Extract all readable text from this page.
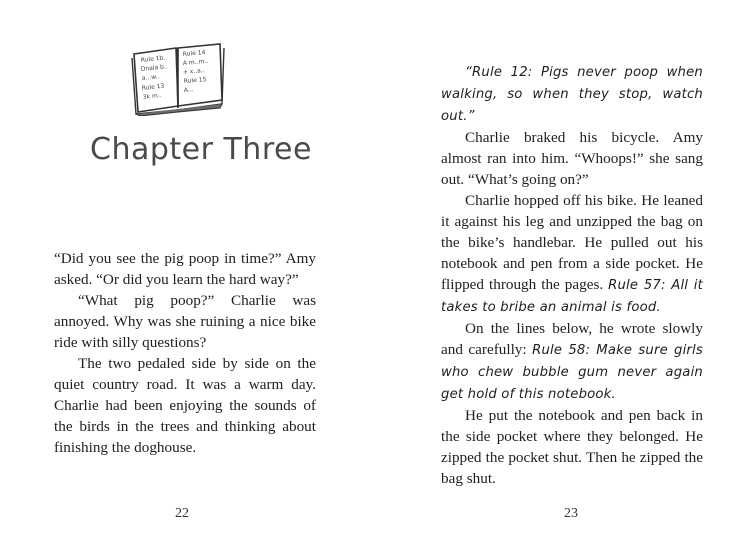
Rule 1b..
Dnala b..
a...w..
Rule 13
3k m..
Rule 14
A m..m..
+ x..a..
Rule 15
A...
Chapter Three

“Did you see the pig poop in time?” Amy asked. “Or did you learn the hard way?”

“What pig poop?” Charlie was annoyed. Why was she ruining a nice bike ride with silly questions?

The two pedaled side by side on the quiet country road. It was a warm day. Charlie had been enjoying the sounds of the birds in the trees and thinking about finishing the doghouse.

22

“Rule 12: Pigs never poop when walking, so when they stop, watch out.”

Charlie braked his bicycle. Amy almost ran into him. “Whoops!” she sang out. “What’s going on?”

Charlie hopped off his bike. He leaned it against his leg and unzipped the bag on the bike’s handlebar. He pulled out his notebook and pen from a side pocket. He flipped through the pages. Rule 57: All it takes to bribe an animal is food.

On the lines below, he wrote slowly and carefully: Rule 58: Make sure girls who chew bubble gum never again get hold of this notebook.

He put the notebook and pen back in the side pocket where they belonged. He zipped the pocket shut. Then he zipped the bag shut.

23
